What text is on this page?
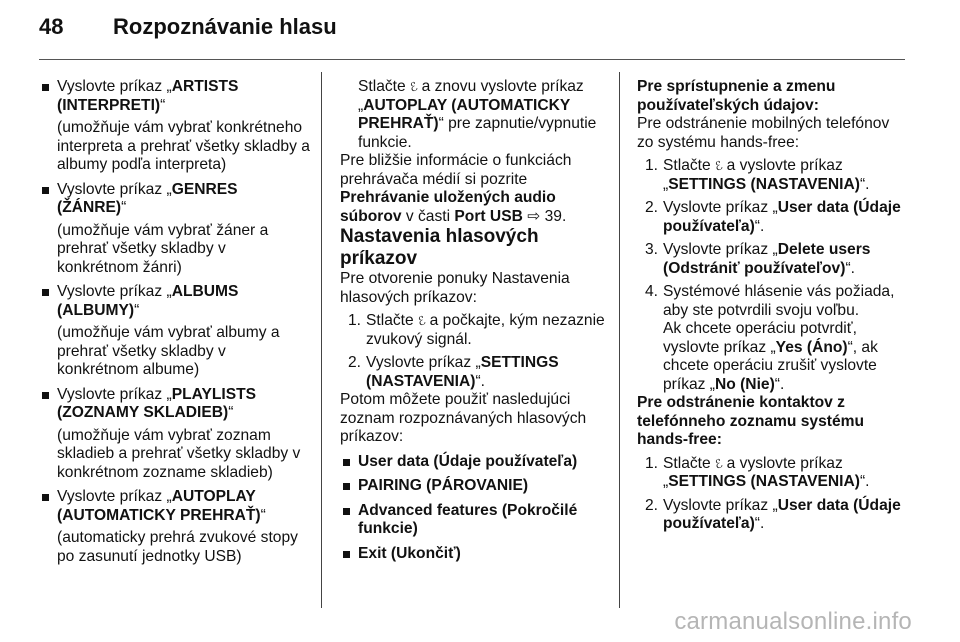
48 Rozpoznávanie hlasu

Vyslovte príkaz „ARTISTS (INTERPRETI)“

(umožňuje vám vybrať konkrétneho interpreta a prehrať všetky skladby a albumy podľa interpreta)

Vyslovte príkaz „GENRES (ŽÁNRE)“

(umožňuje vám vybrať žáner a prehrať všetky skladby v konkrétnom žánri)

Vyslovte príkaz „ALBUMS (ALBUMY)“

(umožňuje vám vybrať albumy a prehrať všetky skladby v konkrétnom albume)

Vyslovte príkaz „PLAYLISTS (ZOZNAMY SKLADIEB)“

(umožňuje vám vybrať zoznam skladieb a prehrať všetky skladby v konkrétnom zozname skladieb)

Vyslovte príkaz „AUTOPLAY (AUTOMATICKY PREHRAŤ)“

(automaticky prehrá zvukové stopy po zasunutí jednotky USB)

Stlačte ℰ a znovu vyslovte príkaz „AUTOPLAY (AUTOMATICKY PREHRAŤ)“ pre zapnutie/vypnutie funkcie.

Pre bližšie informácie o funkciách prehrávača médií si pozrite Prehrávanie uložených audio súborov v časti Port USB ⇨ 39.

Nastavenia hlasových príkazov

Pre otvorenie ponuky Nastavenia hlasových príkazov:

1. Stlačte ℰ a počkajte, kým nezaznie zvukový signál.
2. Vyslovte príkaz „SETTINGS (NASTAVENIA)“.

Potom môžete použiť nasledujúci zoznam rozpoznávaných hlasových príkazov:

User data (Údaje používateľa)
PAIRING (PÁROVANIE)
Advanced features (Pokročilé funkcie)
Exit (Ukončiť)

Pre sprístupnenie a zmenu používateľských údajov:

Pre odstránenie mobilných telefónov zo systému hands-free:

1. Stlačte ℰ a vyslovte príkaz „SETTINGS (NASTAVENIA)“.
2. Vyslovte príkaz „User data (Údaje používateľa)“.
3. Vyslovte príkaz „Delete users (Odstrániť používateľov)“.
4. Systémové hlásenie vás požiada, aby ste potvrdili svoju voľbu.

Ak chcete operáciu potvrdiť, vyslovte príkaz „Yes (Áno)“, ak chcete operáciu zrušiť vyslovte príkaz „No (Nie)“.

Pre odstránenie kontaktov z telefónneho zoznamu systému hands-free:

1. Stlačte ℰ a vyslovte príkaz „SETTINGS (NASTAVENIA)“.
2. Vyslovte príkaz „User data (Údaje používateľa)“.
carmanualsonline.info
